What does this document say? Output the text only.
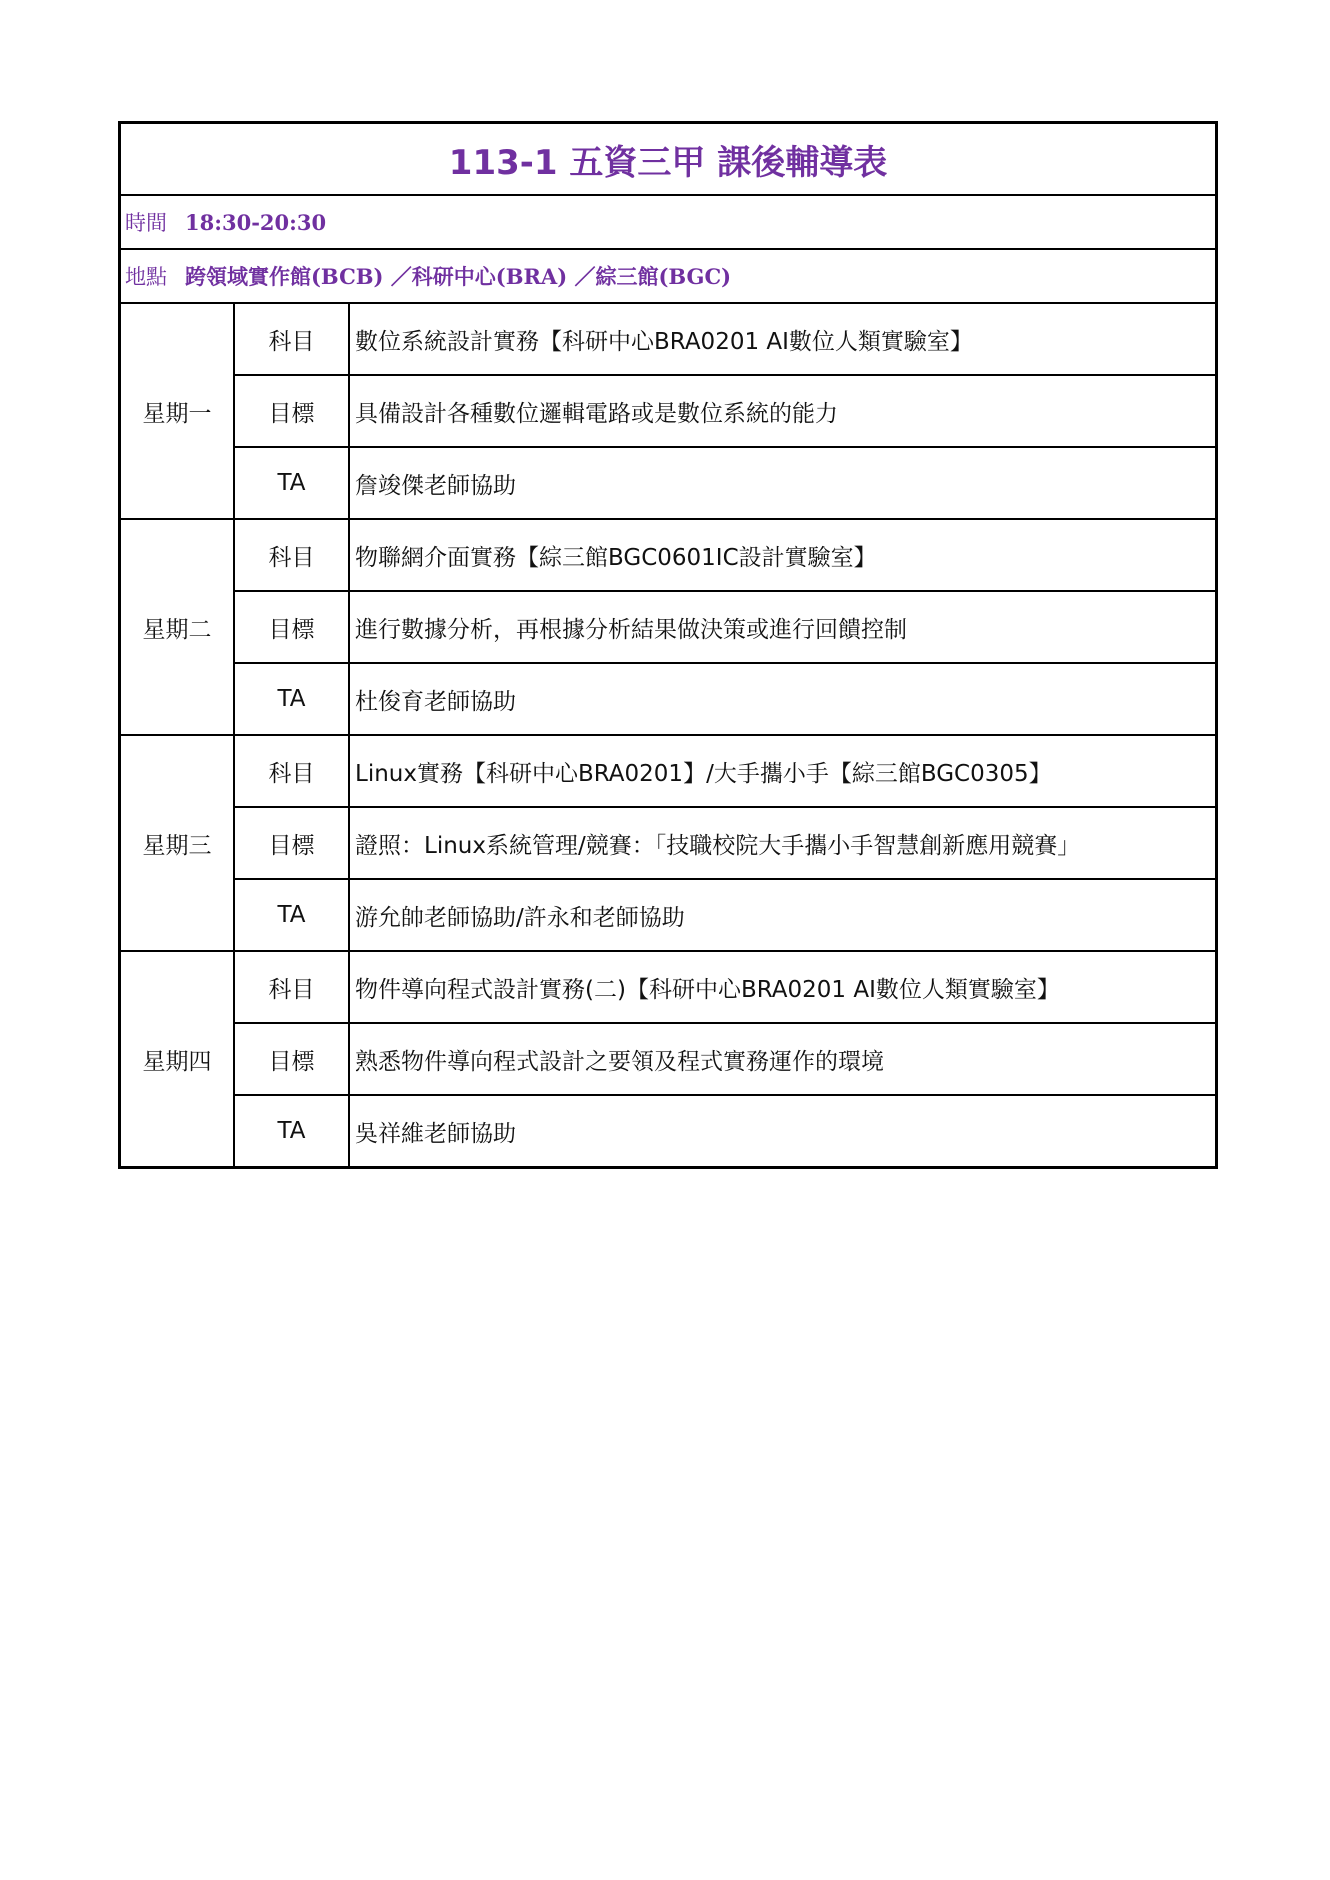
113-1 五資三甲 課後輔導表
時間 18:30-20:30
地點 跨領域實作館(BCB) ／科研中心(BRA) ／綜三館(BGC)
星期一
科目	數位系統設計實務【科研中心BRA0201 AI數位人類實驗室】
目標	具備設計各種數位邏輯電路或是數位系統的能力
TA	詹竣傑老師協助
星期二
科目	物聯網介面實務【綜三館BGC0601IC設計實驗室】
目標	進行數據分析，再根據分析結果做決策或進行回饋控制
TA	杜俊育老師協助
星期三
科目	Linux實務【科研中心BRA0201】/大手攜小手【綜三館BGC0305】
目標	證照：Linux系統管理/競賽：「技職校院大手攜小手智慧創新應用競賽」
TA	游允帥老師協助/許永和老師協助
星期四
科目	物件導向程式設計實務(二)【科研中心BRA0201 AI數位人類實驗室】
目標	熟悉物件導向程式設計之要領及程式實務運作的環境
TA	吳祥維老師協助
